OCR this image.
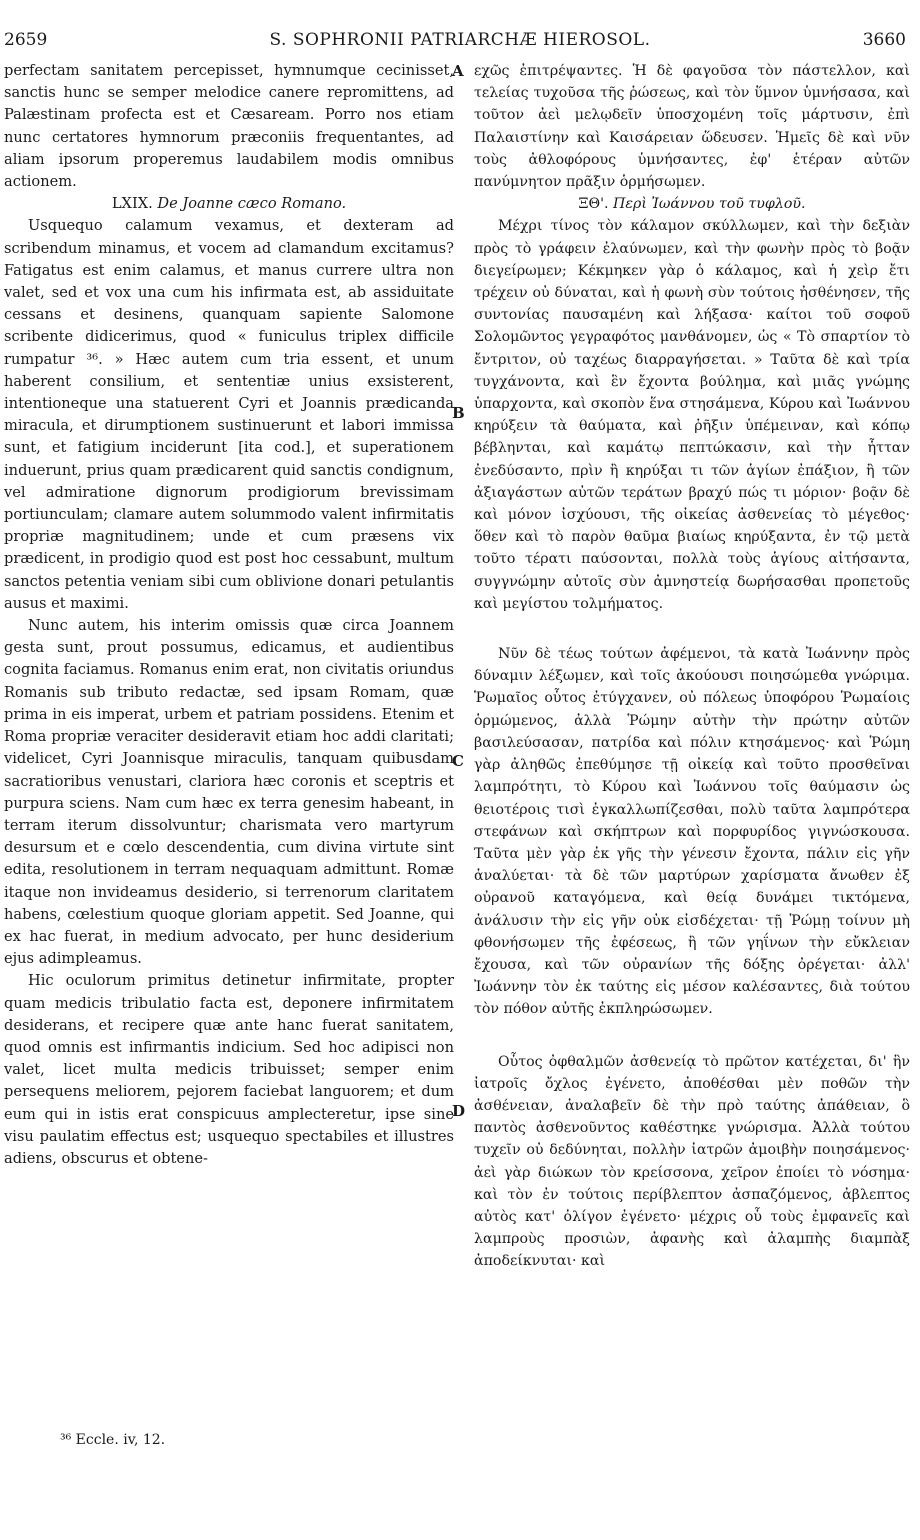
2659	S. SOPHRONII PATRIARCHÆ HIEROSOL.	3660

perfectam sanitatem percepisset, hymnumque cecinisset, sanctis hunc se semper melodice canere repromittens, ad Palæstinam profecta est et Cæsaream. Porro nos etiam nunc certatores hymnorum præconiis frequentantes, ad aliam ipsorum properemus laudabilem modis omnibus actionem.

LXIX. De Joanne cæco Romano.

Usquequo calamum vexamus, et dexteram ad scribendum minamus, et vocem ad clamandum excitamus? Fatigatus est enim calamus, et manus currere ultra non valet, sed et vox una cum his infirmata est, ab assiduitate cessans et desinens, quanquam sapiente Salomone scribente didicerimus, quod « funiculus triplex difficile rumpatur ³⁶. » Hæc autem cum tria essent, et unum haberent consilium, et sententiæ unius exsisterent, intentioneque una statuerent Cyri et Joannis prædicanda miracula, et dirumptionem sustinuerunt et labori immissa sunt, et fatigium inciderunt [ita cod.], et superationem induerunt, prius quam prædicarent quid sanctis condignum, vel admiratione dignorum prodigiorum brevissimam portiunculam; clamare autem solummodo valent infirmitatis propriæ magnitudinem; unde et cum præsens vix prædicent, in prodigio quod est post hoc cessabunt, multum sanctos petentia veniam sibi cum oblivione donari petulantis ausus et maximi.

Nunc autem, his interim omissis quæ circa Joannem gesta sunt, prout possumus, edicamus, et audientibus cognita faciamus. Romanus enim erat, non civitatis oriundus Romanis sub tributo redactæ, sed ipsam Romam, quæ prima in eis imperat, urbem et patriam possidens. Etenim et Roma propriæ veraciter desideravit etiam hoc addi claritati; videlicet, Cyri Joannisque miraculis, tanquam quibusdam sacratioribus venustari, clariora hæc coronis et sceptris et purpura sciens. Nam cum hæc ex terra genesim habeant, in terram iterum dissolvuntur; charismata vero martyrum desursum et e cœlo descendentia, cum divina virtute sint edita, resolutionem in terram nequaquam admittunt. Romæ itaque non invideamus desiderio, si terrenorum claritatem habens, cœlestium quoque gloriam appetit. Sed Joanne, qui ex hac fuerat, in medium advocato, per hunc desiderium ejus adimpleamus.

Hic oculorum primitus detinetur infirmitate, propter quam medicis tribulatio facta est, deponere infirmitatem desiderans, et recipere quæ ante hanc fuerat sanitatem, quod omnis est infirmantis indicium. Sed hoc adipisci non valet, licet multa medicis tribuisset; semper enim persequens meliorem, pejorem faciebat languorem; et dum eum qui in istis erat conspicuus amplecteretur, ipse sine visu paulatim effectus est; usquequo spectabiles et illustres adiens, obscurus et obtene-

A
B
C
D

εχῶς ἐπιτρέψαντες. Ἡ δὲ φαγοῦσα τὸν πάστελλον, καὶ τελείας τυχοῦσα τῆς ῥώσεως, καὶ τὸν ὕμνον ὑμνήσασα, καὶ τοῦτον ἀεὶ μελῳδεῖν ὑποσχομένη τοῖς μάρτυσιν, ἐπὶ Παλαιστίνην καὶ Καισάρειαν ὥδευσεν. Ἡμεῖς δὲ καὶ νῦν τοὺς ἀθλοφόρους ὑμνήσαντες, ἐφ' ἑτέραν αὐτῶν πανύμνητον πρᾶξιν ὁρμήσωμεν.

ΞΘ'. Περὶ Ἰωάννου τοῦ τυφλοῦ.

Μέχρι τίνος τὸν κάλαμον σκύλλωμεν, καὶ τὴν δεξιὰν πρὸς τὸ γράφειν ἐλαύνωμεν, καὶ τὴν φωνὴν πρὸς τὸ βοᾷν διεγείρωμεν; Κέκμηκεν γὰρ ὁ κάλαμος, καὶ ἡ χεὶρ ἔτι τρέχειν οὐ δύναται, καὶ ἡ φωνὴ σὺν τούτοις ἠσθένησεν, τῆς συντονίας παυσαμένη καὶ λήξασα· καίτοι τοῦ σοφοῦ Σολομῶντος γεγραφότος μανθάνομεν, ὡς « Τὸ σπαρτίον τὸ ἔντριτον, οὐ ταχέως διαρραγήσεται. » Ταῦτα δὲ καὶ τρία τυγχάνοντα, καὶ ἓν ἔχοντα βούλημα, καὶ μιᾶς γνώμης ὑπαρχοντα, καὶ σκοπὸν ἕνα στησάμενα, Κύρου καὶ Ἰωάννου κηρύξειν τὰ θαύματα, καὶ ῥῆξιν ὑπέμειναν, καὶ κόπῳ βέβληνται, καὶ καμάτῳ πεπτώκασιν, καὶ τὴν ἧτταν ἐνεδύσαντο, πρὶν ἢ κηρύξαι τι τῶν ἁγίων ἐπάξιον, ἢ τῶν ἀξιαγάστων αὐτῶν τεράτων βραχύ πώς τι μόριον· βοᾷν δὲ καὶ μόνον ἰσχύουσι, τῆς οἰκείας ἀσθενείας τὸ μέγεθος· ὅθεν καὶ τὸ παρὸν θαῦμα βιαίως κηρύξαντα, ἐν τῷ μετὰ τοῦτο τέρατι παύσονται, πολλὰ τοὺς ἁγίους αἰτήσαντα, συγγνώμην αὐτοῖς σὺν ἀμνηστείᾳ δωρήσασθαι προπετοῦς καὶ μεγίστου τολμήματος.

Νῦν δὲ τέως τούτων ἀφέμενοι, τὰ κατὰ Ἰωάννην πρὸς δύναμιν λέξωμεν, καὶ τοῖς ἀκούουσι ποιησώμεθα γνώριμα. Ῥωμαῖος οὗτος ἐτύγχανεν, οὐ πόλεως ὑποφόρου Ῥωμαίοις ὁρμώμενος, ἀλλὰ Ῥώμην αὐτὴν τὴν πρώτην αὐτῶν βασιλεύσασαν, πατρίδα καὶ πόλιν κτησάμενος· καὶ Ῥώμη γὰρ ἀληθῶς ἐπεθύμησε τῇ οἰκείᾳ καὶ τοῦτο προσθεῖναι λαμπρότητι, τὸ Κύρου καὶ Ἰωάννου τοῖς θαύμασιν ὡς θειοτέροις τισὶ ἐγκαλλωπίζεσθαι, πολὺ ταῦτα λαμπρότερα στεφάνων καὶ σκήπτρων καὶ πορφυρίδος γιγνώσκουσα. Ταῦτα μὲν γὰρ ἐκ γῆς τὴν γένεσιν ἔχοντα, πάλιν εἰς γῆν ἀναλύεται· τὰ δὲ τῶν μαρτύρων χαρίσματα ἄνωθεν ἐξ οὐρανοῦ καταγόμενα, καὶ θείᾳ δυνάμει τικτόμενα, ἀνάλυσιν τὴν εἰς γῆν οὐκ εἰσδέχεται· τῇ Ῥώμῃ τοίνυν μὴ φθονήσωμεν τῆς ἐφέσεως, ἢ τῶν γηΐνων τὴν εὔκλειαν ἔχουσα, καὶ τῶν οὐρανίων τῆς δόξης ὀρέγεται· ἀλλ' Ἰωάννην τὸν ἐκ ταύτης εἰς μέσον καλέσαντες, διὰ τούτου τὸν πόθον αὐτῆς ἐκπληρώσωμεν.

Οὗτος ὀφθαλμῶν ἀσθενείᾳ τὸ πρῶτον κατέχεται, δι' ἣν ἰατροῖς ὄχλος ἐγένετο, ἀποθέσθαι μὲν ποθῶν τὴν ἀσθένειαν, ἀναλαβεῖν δὲ τὴν πρὸ ταύτης ἀπάθειαν, ὃ παντὸς ἀσθενοῦντος καθέστηκε γνώρισμα. Ἀλλὰ τούτου τυχεῖν οὐ δεδύνηται, πολλὴν ἰατρῶν ἀμοιβὴν ποιησάμενος· ἀεὶ γὰρ διώκων τὸν κρείσσονα, χεῖρον ἐποίει τὸ νόσημα· καὶ τὸν ἐν τούτοις περίβλεπτον ἀσπαζόμενος, ἀβλεπτος αὐτὸς κατ' ὀλίγον ἐγένετο· μέχρις οὗ τοὺς ἐμφανεῖς καὶ λαμπροὺς προσιὼν, ἀφανὴς καὶ ἀλαμπὴς διαμπὰξ ἀποδείκνυται· καὶ

³⁶ Eccle. iv, 12.
